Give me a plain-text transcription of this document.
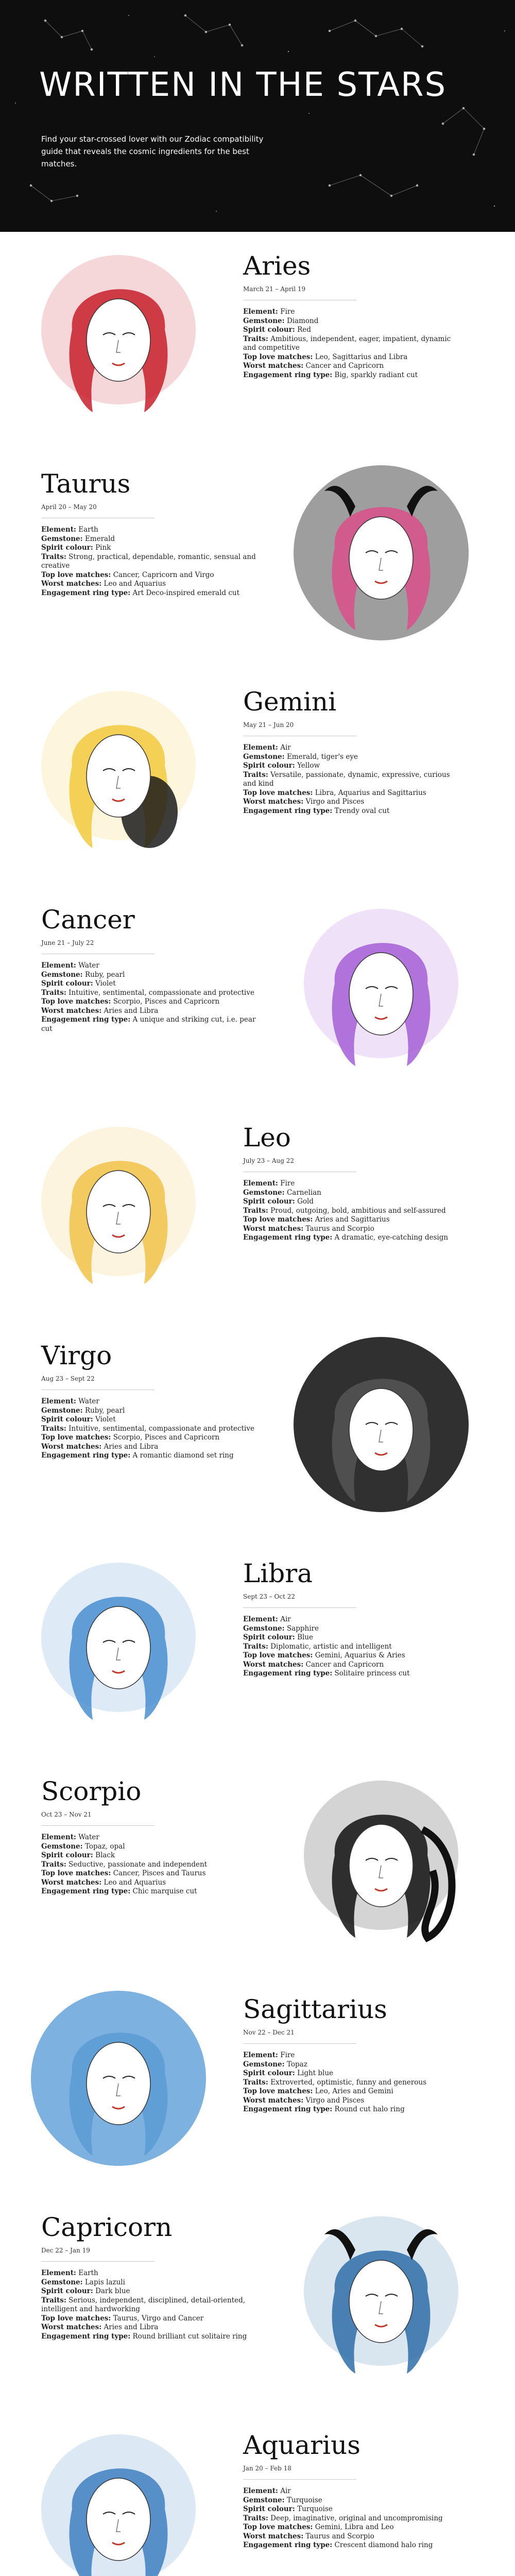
WRITTEN IN THE STARS

Find your star-crossed lover with our Zodiac compatibility guide that reveals the cosmic ingredients for the best matches.

Aries
March 21 – April 19
Element: Fire
Gemstone: Diamond
Spirit colour: Red
Traits: Ambitious, independent, eager, impatient, dynamic and competitive
Top love matches: Leo, Sagittarius and Libra
Worst matches: Cancer and Capricorn
Engagement ring type: Big, sparkly radiant cut
Taurus
April 20 – May 20
Element: Earth
Gemstone: Emerald
Spirit colour: Pink
Traits: Strong, practical, dependable, romantic, sensual and creative
Top love matches: Cancer, Capricorn and Virgo
Worst matches: Leo and Aquarius
Engagement ring type: Art Deco-inspired emerald cut
Gemini
May 21 – Jun 20
Element: Air
Gemstone: Emerald, tiger's eye
Spirit colour: Yellow
Traits: Versatile, passionate, dynamic, expressive, curious and kind
Top love matches: Libra, Aquarius and Sagittarius
Worst matches: Virgo and Pisces
Engagement ring type: Trendy oval cut
Cancer
June 21 – July 22
Element: Water
Gemstone: Ruby, pearl
Spirit colour: Violet
Traits: Intuitive, sentimental, compassionate and protective
Top love matches: Scorpio, Pisces and Capricorn
Worst matches: Aries and Libra
Engagement ring type: A unique and striking cut, i.e. pear cut
Leo
July 23 – Aug 22
Element: Fire
Gemstone: Carnelian
Spirit colour: Gold
Traits: Proud, outgoing, bold, ambitious and self-assured
Top love matches: Aries and Sagittarius
Worst matches: Taurus and Scorpio
Engagement ring type: A dramatic, eye-catching design
Virgo
Aug 23 – Sept 22
Element: Water
Gemstone: Ruby, pearl
Spirit colour: Violet
Traits: Intuitive, sentimental, compassionate and protective
Top love matches: Scorpio, Pisces and Capricorn
Worst matches: Aries and Libra
Engagement ring type: A romantic diamond set ring
Libra
Sept 23 – Oct 22
Element: Air
Gemstone: Sapphire
Spirit colour: Blue
Traits: Diplomatic, artistic and intelligent
Top love matches: Gemini, Aquarius & Aries
Worst matches: Cancer and Capricorn
Engagement ring type: Solitaire princess cut
Scorpio
Oct 23 – Nov 21
Element: Water
Gemstone: Topaz, opal
Spirit colour: Black
Traits: Seductive, passionate and independent
Top love matches: Cancer, Pisces and Taurus
Worst matches: Leo and Aquarius
Engagement ring type: Chic marquise cut
Sagittarius
Nov 22 – Dec 21
Element: Fire
Gemstone: Topaz
Spirit colour: Light blue
Traits: Extroverted, optimistic, funny and generous
Top love matches: Leo, Aries and Gemini
Worst matches: Virgo and Pisces
Engagement ring type: Round cut halo ring
Capricorn
Dec 22 – Jan 19
Element: Earth
Gemstone: Lapis lazuli
Spirit colour: Dark blue
Traits: Serious, independent, disciplined, detail-oriented, intelligent and hardworking
Top love matches: Taurus, Virgo and Cancer
Worst matches: Aries and Libra
Engagement ring type: Round brilliant cut solitaire ring
Aquarius
Jan 20 – Feb 18
Element: Air
Gemstone: Turquoise
Spirit colour: Turquoise
Traits: Deep, imaginative, original and uncompromising
Top love matches: Gemini, Libra and Leo
Worst matches: Taurus and Scorpio
Engagement ring type: Crescent diamond halo ring
